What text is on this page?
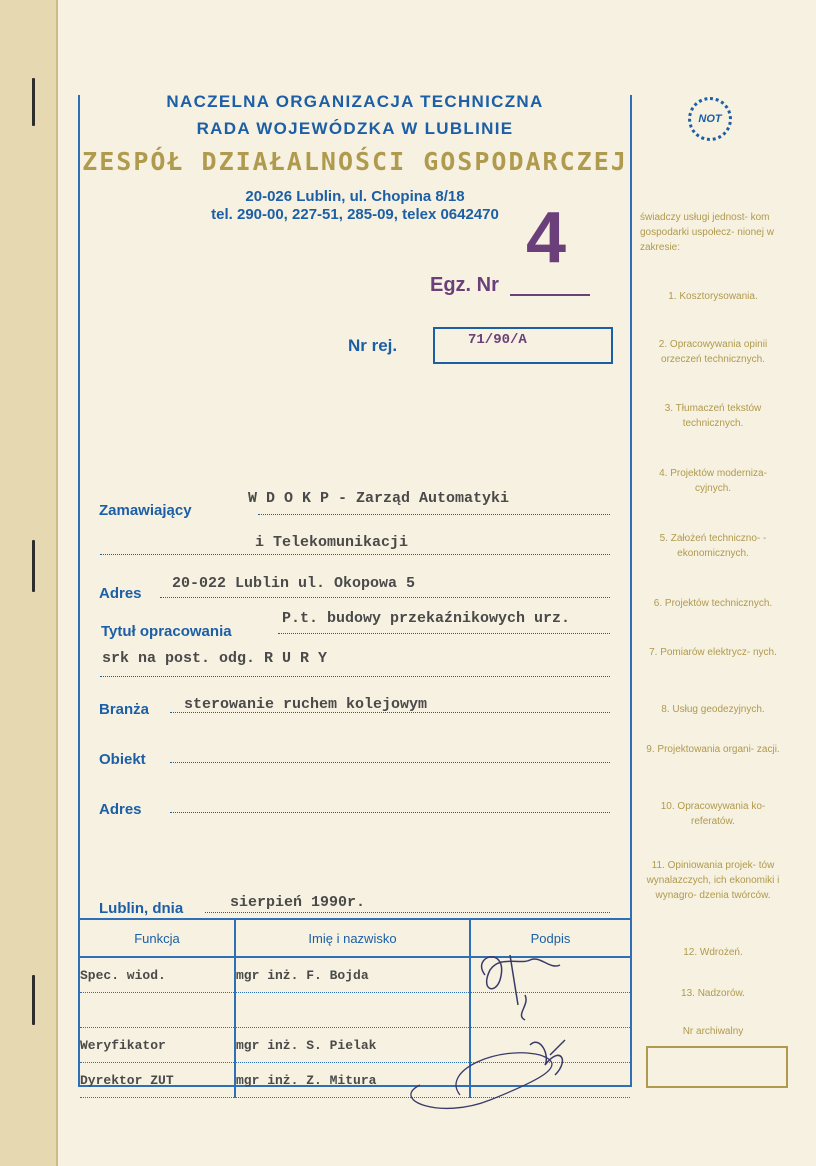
NACZELNA ORGANIZACJA TECHNICZNA
RADA WOJEWÓDZKA W LUBLINIE
ZESPÓŁ DZIAŁALNOŚCI GOSPODARCZEJ
20-026 Lublin, ul. Chopina 8/18
tel. 290-00, 227-51, 285-09, telex 0642470
NOT
Egz. Nr
4
Nr rej.	71/90/A
Zamawiający
W D O K P - Zarząd Automatyki
i Telekomunikacji
Adres
20-022 Lublin ul. Okopowa 5
Tytuł opracowania
P.t. budowy przekaźnikowych urz.
srk na post. odg. R U R Y
Branża sterowanie ruchem kolejowym
Obiekt
Adres
Lublin, dnia	sierpień 1990r.
Funkcja	Imię i nazwisko	Podpis
Spec. wiod.	mgr inż. F. Bojda	

Weryfikator	mgr inż. S. Pielak	
Dyrektor ZUT	mgr inż. Z. Mitura	
świadczy usługi jednost- kom gospodarki uspołecz- nionej w zakresie:
1. Kosztorysowania.
2. Opracowywania opinii orzeczeń technicznych.
3. Tłumaczeń tekstów technicznych.
4. Projektów moderniza- cyjnych.
5. Założeń techniczno- -ekonomicznych.
6. Projektów technicznych.
7. Pomiarów elektrycz- nych.
8. Usług geodezyjnych.
9. Projektowania organi- zacji.
10. Opracowywania ko- referatów.
11. Opiniowania projek- tów wynalazczych, ich ekonomiki i wynagro- dzenia twórców.
12. Wdrożeń.
13. Nadzorów.
Nr archiwalny
